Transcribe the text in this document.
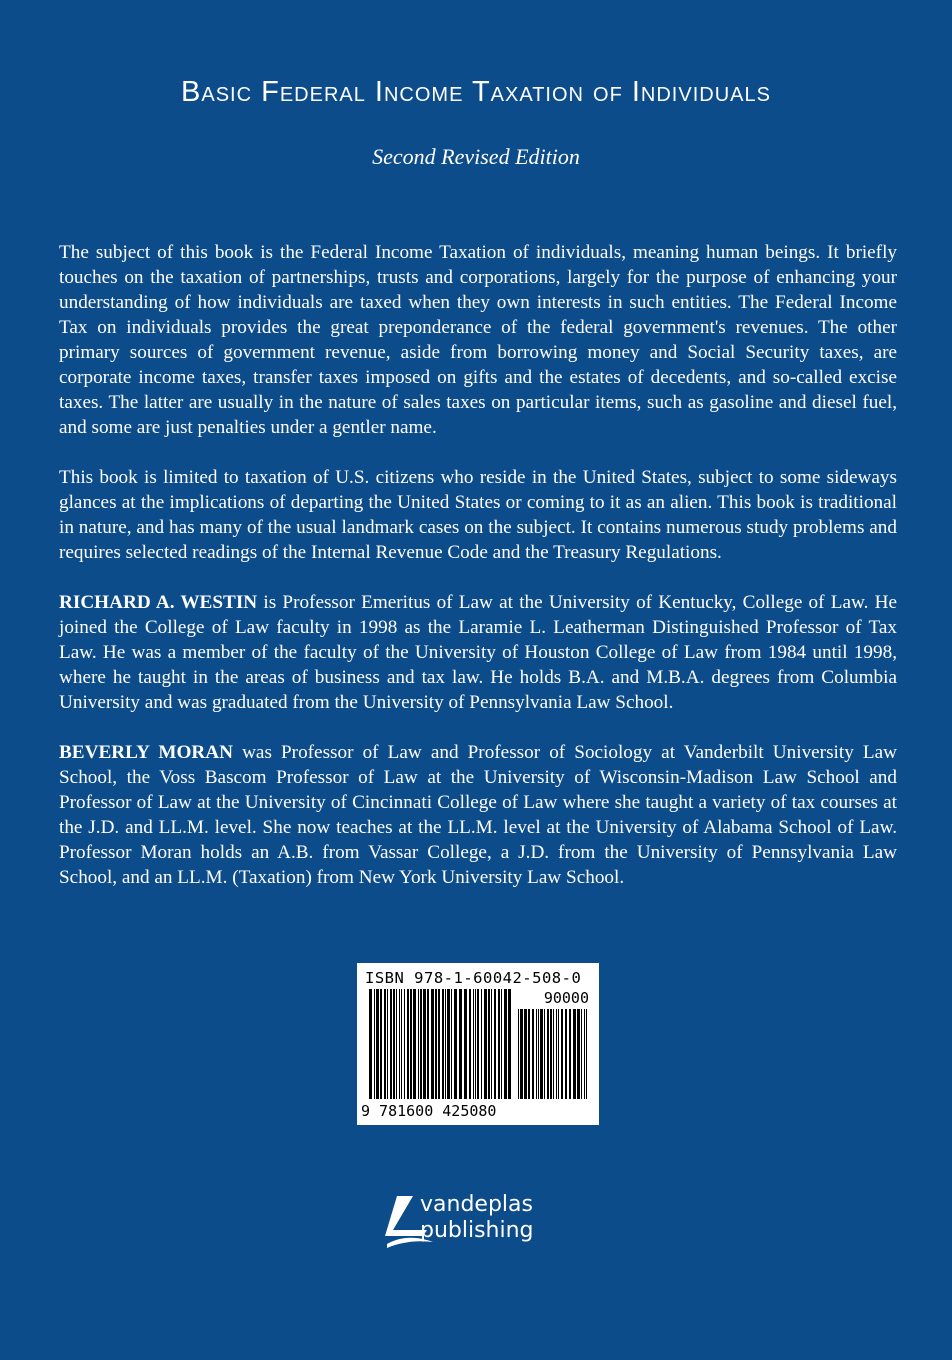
Basic Federal Income Taxation of Individuals
Second Revised Edition

The subject of this book is the Federal Income Taxation of individuals, meaning human beings. It briefly touches on the taxation of partnerships, trusts and corporations, largely for the purpose of enhancing your understanding of how individuals are taxed when they own interests in such entities. The Federal Income Tax on individuals provides the great preponderance of the federal government's revenues. The other primary sources of government revenue, aside from borrowing money and Social Security taxes, are corporate income taxes, transfer taxes imposed on gifts and the estates of decedents, and so-called excise taxes. The latter are usually in the nature of sales taxes on particular items, such as gasoline and diesel fuel, and some are just penalties under a gentler name.

This book is limited to taxation of U.S. citizens who reside in the United States, subject to some sideways glances at the implications of departing the United States or coming to it as an alien. This book is traditional in nature, and has many of the usual landmark cases on the subject. It contains numerous study problems and requires selected readings of the Internal Revenue Code and the Treasury Regulations.

RICHARD A. WESTIN is Professor Emeritus of Law at the University of Kentucky, College of Law. He joined the College of Law faculty in 1998 as the Laramie L. Leatherman Distinguished Professor of Tax Law. He was a member of the faculty of the University of Houston College of Law from 1984 until 1998, where he taught in the areas of business and tax law. He holds B.A. and M.B.A. degrees from Columbia University and was graduated from the University of Pennsylvania Law School.

BEVERLY MORAN was Professor of Law and Professor of Sociology at Vanderbilt University Law School, the Voss Bascom Professor of Law at the University of Wisconsin-Madison Law School and Professor of Law at the University of Cincinnati College of Law where she taught a variety of tax courses at the J.D. and LL.M. level. She now teaches at the LL.M. level at the University of Alabama School of Law. Professor Moran holds an A.B. from Vassar College, a J.D. from the University of Pennsylvania Law School, and an LL.M. (Taxation) from New York University Law School.

ISBN 978-1-60042-508-0
90000
9 781600 425080
vandeplas
publishing
